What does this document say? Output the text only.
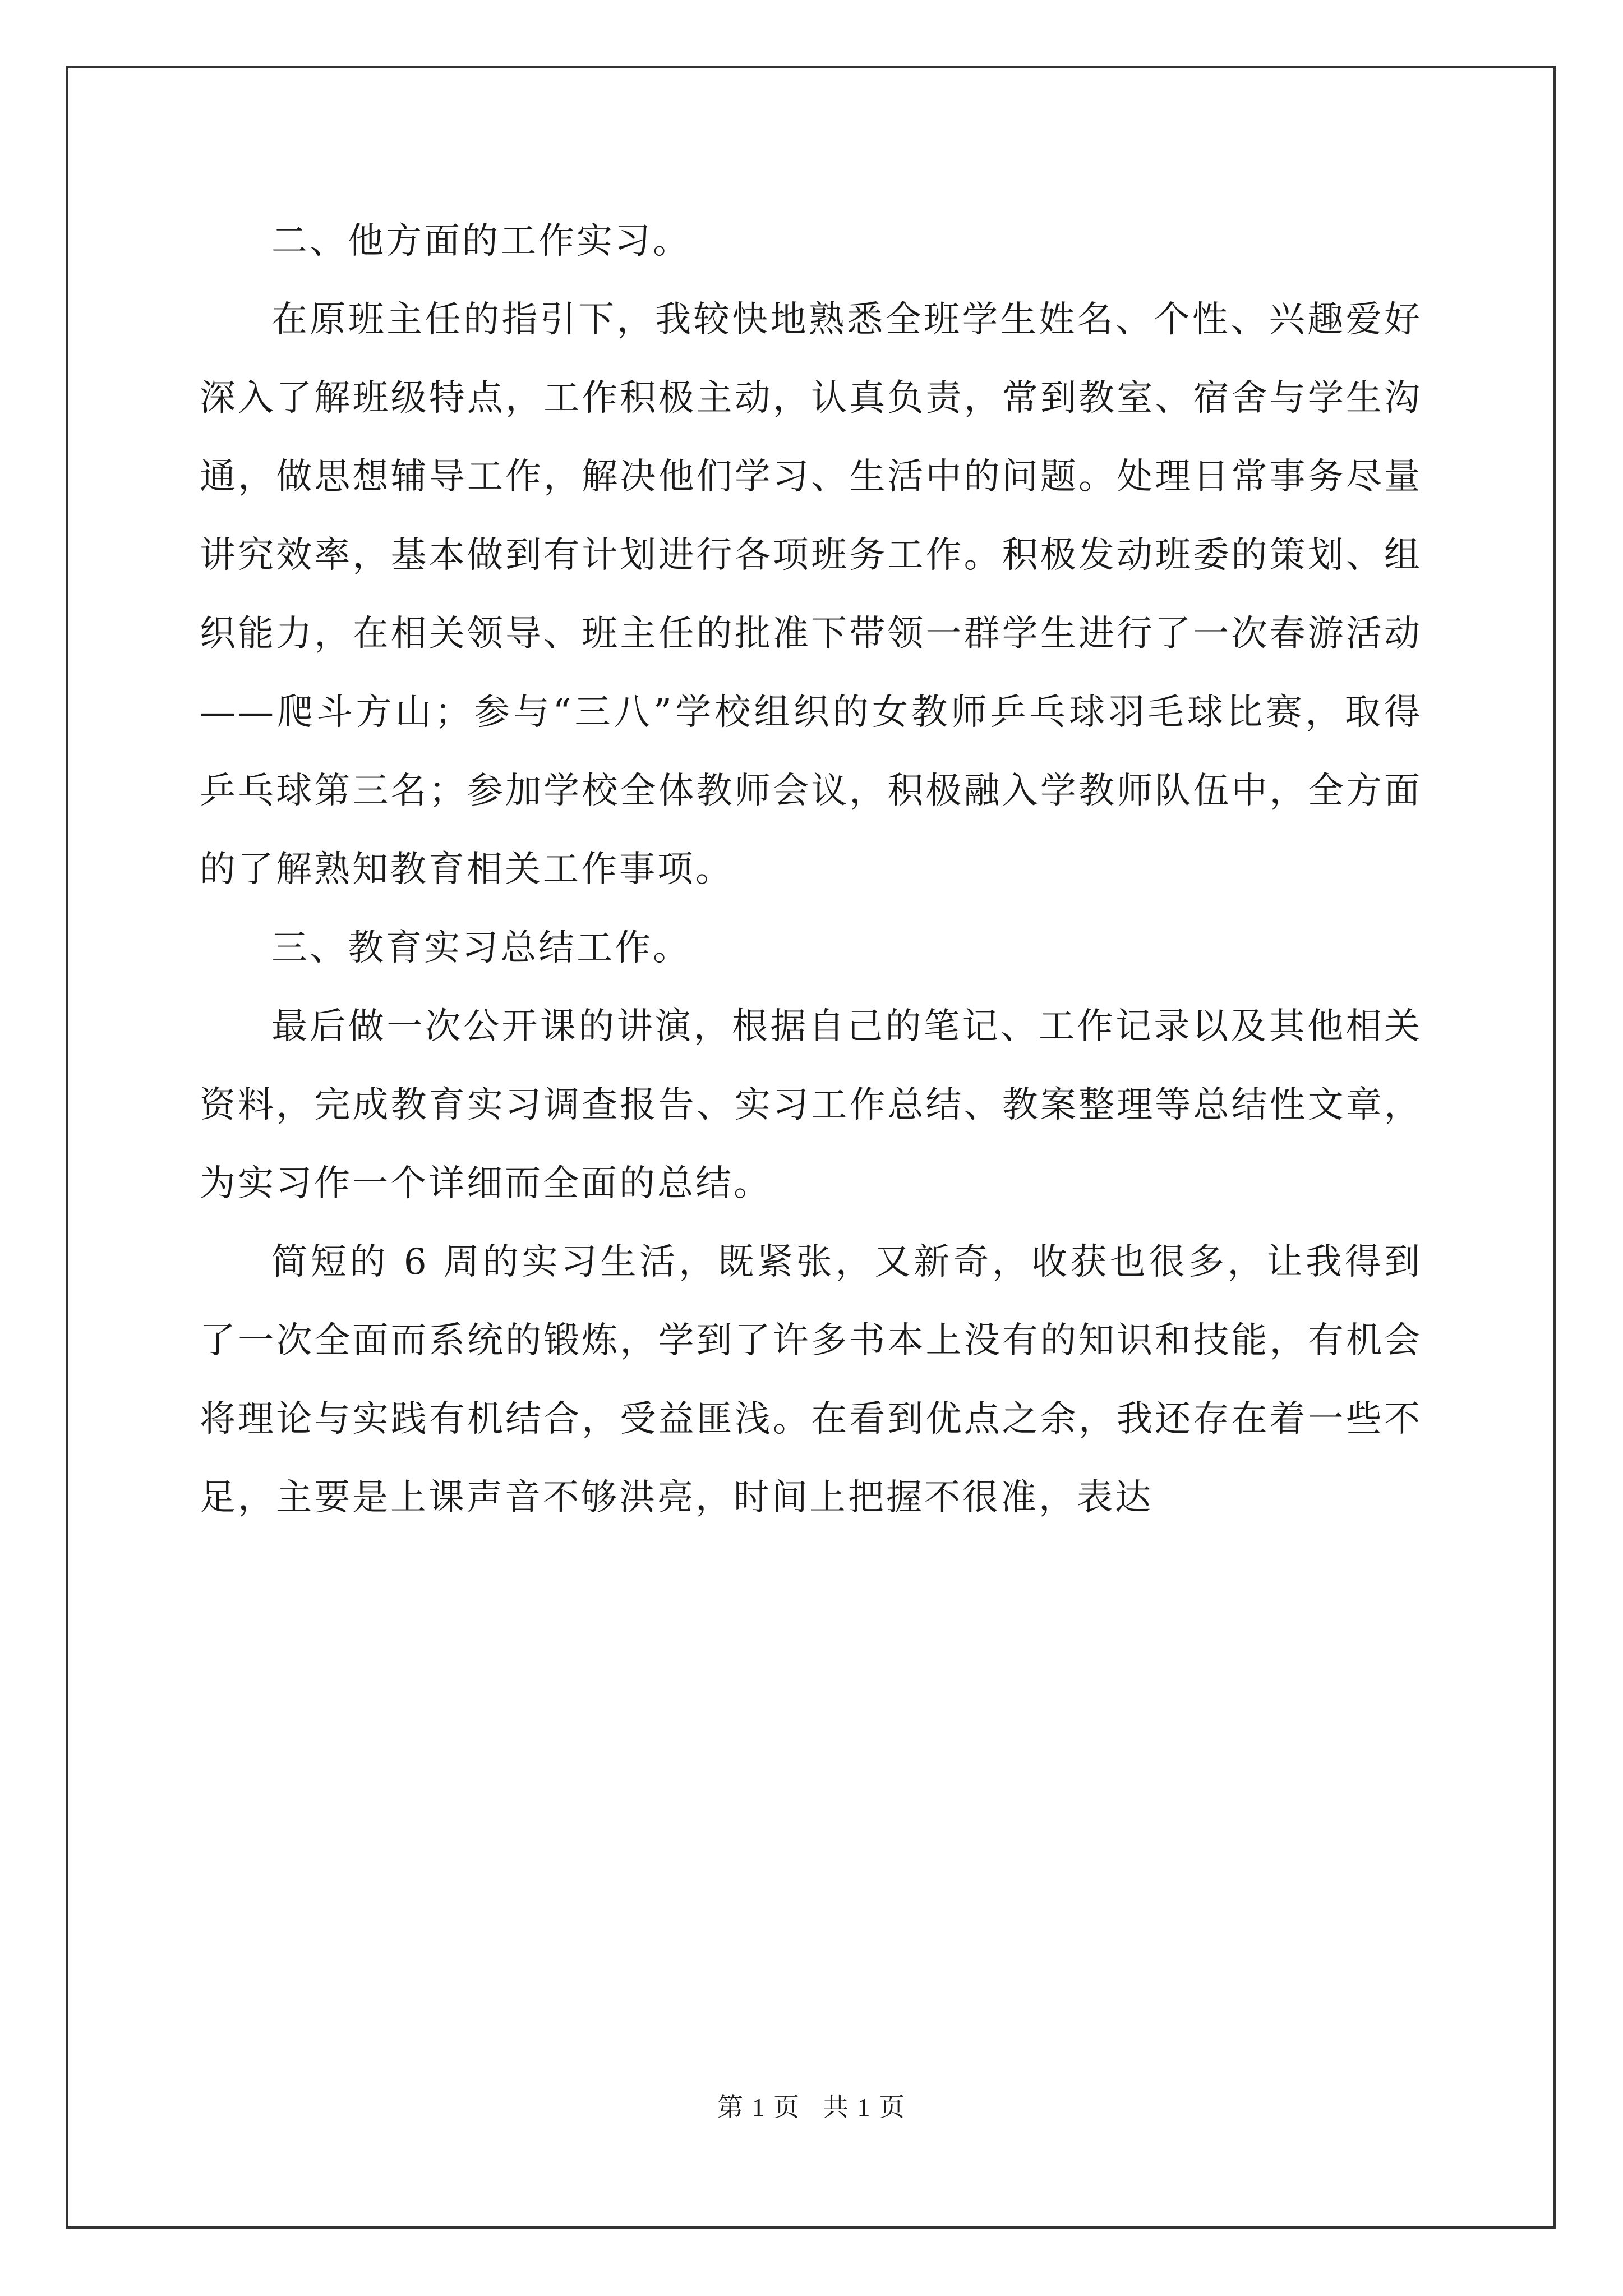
二、他方面的工作实习。

在原班主任的指引下，我较快地熟悉全班学生姓名、个性、兴趣爱好深入了解班级特点，工作积极主动，认真负责，常到教室、宿舍与学生沟通，做思想辅导工作，解决他们学习、生活中的问题。处理日常事务尽量讲究效率，基本做到有计划进行各项班务工作。积极发动班委的策划、组织能力，在相关领导、班主任的批准下带领一群学生进行了一次春游活动——爬斗方山；参与“三八”学校组织的女教师乒乓球羽毛球比赛，取得乒乓球第三名；参加学校全体教师会议，积极融入学教师队伍中，全方面的了解熟知教育相关工作事项。

三、教育实习总结工作。

最后做一次公开课的讲演，根据自己的笔记、工作记录以及其他相关资料，完成教育实习调查报告、实习工作总结、教案整理等总结性文章，为实习作一个详细而全面的总结。

简短的 6 周的实习生活，既紧张，又新奇，收获也很多，让我得到了一次全面而系统的锻炼，学到了许多书本上没有的知识和技能，有机会将理论与实践有机结合，受益匪浅。在看到优点之余，我还存在着一些不足，主要是上课声音不够洪亮，时间上把握不很准，表达

第 1 页 共 1 页
